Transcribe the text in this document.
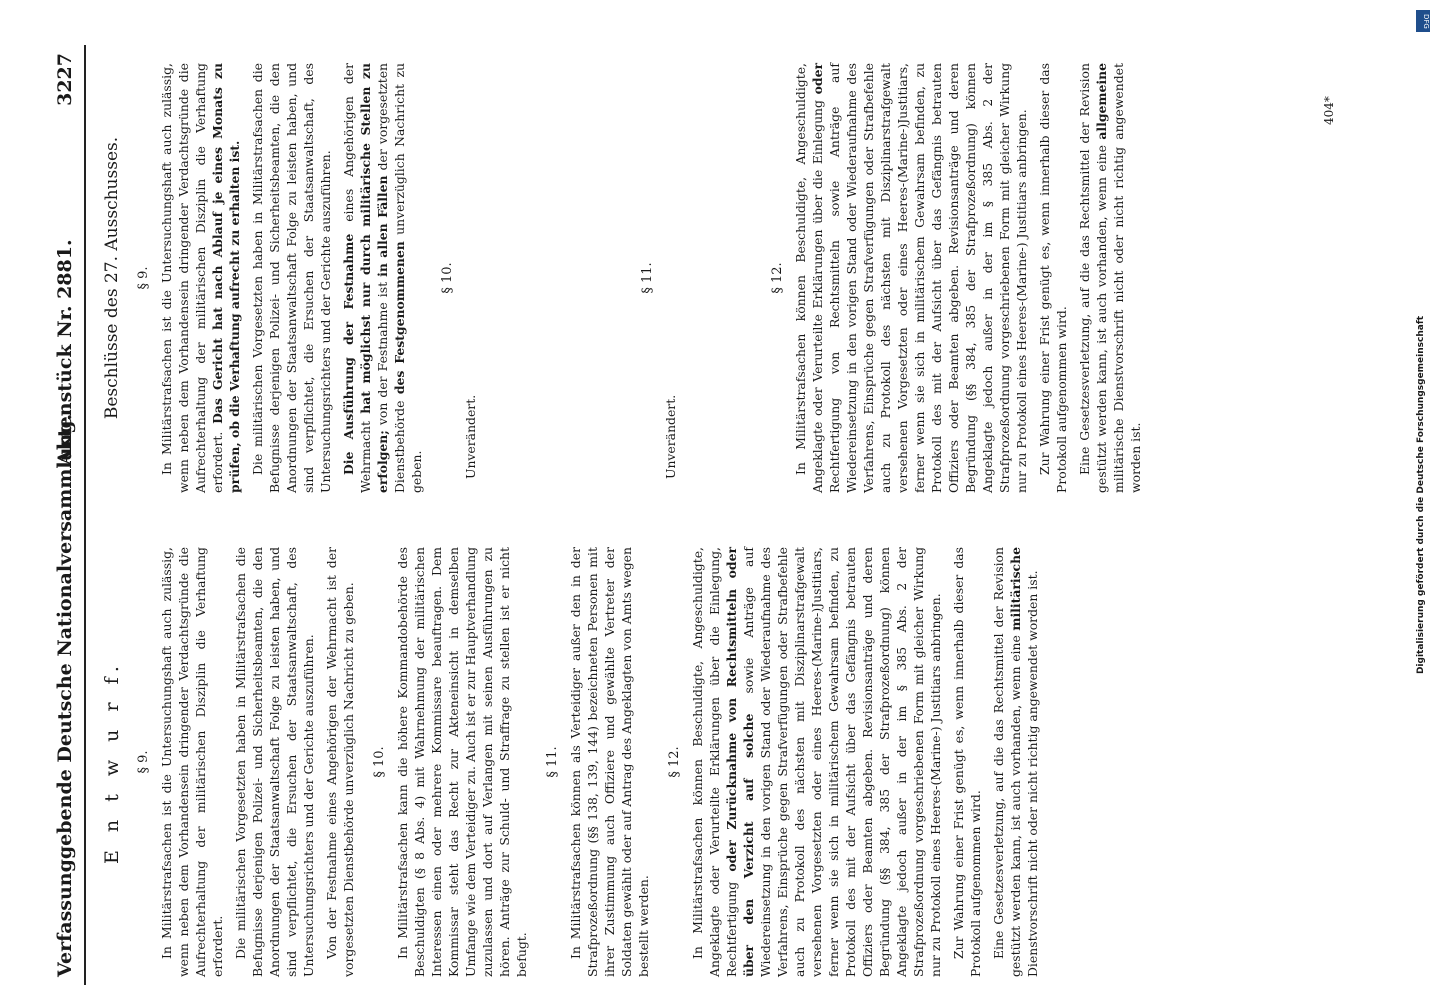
Verfassunggebende Deutsche Nationalversammlung.
Aktenstück Nr. 2881.
3227
E n t w u r f. § 9. In Militärstrafsachen ist die Untersuchungshaft auch zulässig, wenn neben dem Vorhandensein dringender Verdachtsgründe die Aufrechterhaltung der militärischen Disziplin die Verhaftung erfordert. Die militärischen Vorgesetzten haben in Militärstrafsachen die Befugnisse derjenigen Polizei- und Sicherheitsbeamten, die den Anordnungen der Staatsanwaltschaft Folge zu leisten haben, und sind verpflichtet, die Ersuchen der Staatsanwaltschaft, des Untersuchungsrichters und der Gerichte auszuführen. Von der Festnahme eines Angehörigen der Wehrmacht ist der vorgesetzten Dienstbehörde unverzüglich Nachricht zu geben. § 10. In Militärstrafsachen kann die höhere Kommandobehörde des Beschuldigten (§ 8 Abs. 4) mit Wahrnehmung der militärischen Interessen einen oder mehrere Kommissare beauftragen. Dem Kommissar steht das Recht zur Akteneinsicht in demselben Umfange wie dem Verteidiger zu. Auch ist er zur Hauptverhandlung zuzulassen und dort auf Verlangen mit seinen Ausführungen zu hören. Anträge zur Schuld- und Straffrage zu stellen ist er nicht befugt.

§ 11. In Militärstrafsachen können als Verteidiger außer den in der Strafprozeßordnung (§§ 138, 139, 144) bezeichneten Personen mit ihrer Zustimmung auch Offiziere und gewählte Vertreter der Soldaten gewählt oder auf Antrag des Angeklagten von Amts wegen bestellt werden.

§ 12. In Militärstrafsachen können Beschuldigte, Angeschuldigte, Angeklagte oder Verurteilte Erklärungen über die Einlegung, Rechtfertigung oder Zurücknahme von Rechtsmitteln oder über den Verzicht auf solche sowie Anträge auf Wiedereinsetzung in den vorigen Stand oder Wiederaufnahme des Verfahrens, Einsprüche gegen Strafverfügungen oder Strafbefehle auch zu Protokoll des nächsten mit Disziplinarstrafgewalt versehenen Vorgesetzten oder eines Heeres-(Marine-)Justitiars, ferner wenn sie sich in militärischem Gewahrsam befinden, zu Protokoll des mit der Aufsicht über das Gefängnis betrauten Offiziers oder Beamten abgeben. Revisionsanträge und deren Begründung (§§ 384, 385 der Strafprozeßordnung) können Angeklagte jedoch außer in der im § 385 Abs. 2 der Strafprozeßordnung vorgeschriebenen Form mit gleicher Wirkung nur zu Protokoll eines Heeres-(Marine-) Justitiars anbringen. Zur Wahrung einer Frist genügt es, wenn innerhalb dieser das Protokoll aufgenommen wird. Eine Gesetzesverletzung, auf die das Rechtsmittel der Revision gestützt werden kann, ist auch vorhanden, wenn eine militärische Dienstvorschrift nicht oder nicht richtig angewendet worden ist.

Beschlüsse des 27. Ausschusses. § 9. In Militärstrafsachen ist die Untersuchungshaft auch zulässig, wenn neben dem Vorhandensein dringender Verdachtsgründe die Aufrechterhaltung der militärischen Disziplin die Verhaftung erfordert. Das Gericht hat nach Ablauf je eines Monats zu prüfen, ob die Verhaftung aufrecht zu erhalten ist. Die militärischen Vorgesetzten haben in Militärstrafsachen die Befugnisse derjenigen Polizei- und Sicherheitsbeamten, die den Anordnungen der Staatsanwaltschaft Folge zu leisten haben, und sind verpflichtet, die Ersuchen der Staatsanwaltschaft, des Untersuchungsrichters und der Gerichte auszuführen. Die Ausführung der Festnahme eines Angehörigen der Wehrmacht hat möglichst nur durch militärische Stellen zu erfolgen; von der Festnahme ist in allen Fällen der vorgesetzten Dienstbehörde des Festgenommenen unverzüglich Nachricht zu geben.

§ 10.

Unverändert.

§ 11.

Unverändert.

§ 12. In Militärstrafsachen können Beschuldigte, Angeschuldigte, Angeklagte oder Verurteilte Erklärungen über die Einlegung oder Rechtfertigung von Rechtsmitteln sowie Anträge auf Wiedereinsetzung in den vorigen Stand oder Wiederaufnahme des Verfahrens, Einsprüche gegen Strafverfügungen oder Strafbefehle auch zu Protokoll des nächsten mit Disziplinarstrafgewalt versehenen Vorgesetzten oder eines Heeres-(Marine-)Justitiars, ferner wenn sie sich in militärischem Gewahrsam befinden, zu Protokoll des mit der Aufsicht über das Gefängnis betrauten Offiziers oder Beamten abgeben. Revisionsanträge und deren Begründung (§§ 384, 385 der Strafprozeßordnung) können Angeklagte jedoch außer in der im § 385 Abs. 2 der Strafprozeßordnung vorgeschriebenen Form mit gleicher Wirkung nur zu Protokoll eines Heeres-(Marine-) Justitiars anbringen. Zur Wahrung einer Frist genügt es, wenn innerhalb dieser das Protokoll aufgenommen wird. Eine Gesetzesverletzung, auf die das Rechtsmittel der Revision gestützt werden kann, ist auch vorhanden, wenn eine allgemeine militärische Dienstvorschrift nicht oder nicht richtig angewendet worden ist.

404*
DFG
Digitalisierung gefördert durch die Deutsche Forschungsgemeinschaft
